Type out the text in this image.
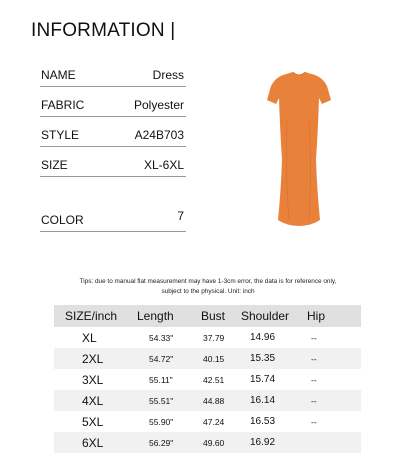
INFORMATION |
NAME	Dress
FABRIC	Polyester
STYLE	A24B703
SIZE	XL-6XL
COLOR	7
Tips: due to manual flat measurement may have 1-3cm error, the data is for reference only,
subject to the physical. Unit: inch
SIZE/inch	Length	Bust	Shoulder	Hip
XL	54.33"	37.79	14.96	--
2XL	54.72"	40.15	15.35	--
3XL	55.11"	42.51	15.74	--
4XL	55.51"	44.88	16.14	--
5XL	55.90"	47.24	16.53	--
6XL	56.29"	49.60	16.92	
